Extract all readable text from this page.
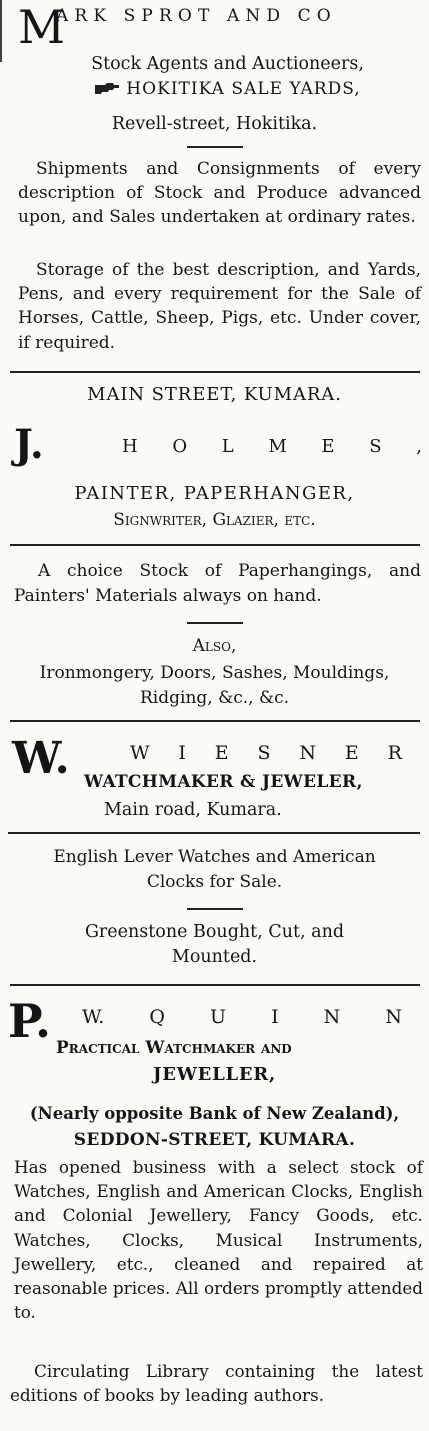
M
ARK SPROT AND CO
Stock Agents and Auctioneers,
HOKITIKA SALE YARDS,
Revell-street, Hokitika.

Shipments and Consignments of every description of Stock and Produce advanced upon, and Sales undertaken at ordinary rates.

Storage of the best description, and Yards, Pens, and every requirement for the Sale of Horses, Cattle, Sheep, Pigs, etc. Under cover, if required.

MAIN STREET, KUMARA.
J.	H O L M E S ,
PAINTER, PAPERHANGER,
Signwriter, Glazier, etc.

A choice Stock of Paperhangings, and Painters' Materials always on hand.

Also,
Ironmongery, Doors, Sashes, Mouldings, Ridging, &c., &c.
W.	W I E S N E R
WATCHMAKER & JEWELER,
Main road, Kumara.
English Lever Watches and American
Clocks for Sale.
Greenstone Bought, Cut, and
Mounted.
P. W. Q U I N N
Practical Watchmaker and
JEWELLER,
(Nearly opposite Bank of New Zealand),
SEDDON-STREET, KUMARA.

Has opened business with a select stock of Watches, English and American Clocks, English and Colonial Jewellery, Fancy Goods, etc. Watches, Clocks, Musical Instruments, Jewellery, etc., cleaned and repaired at reasonable prices. All orders promptly attended to.

Circulating Library containing the latest editions of books by leading authors.
